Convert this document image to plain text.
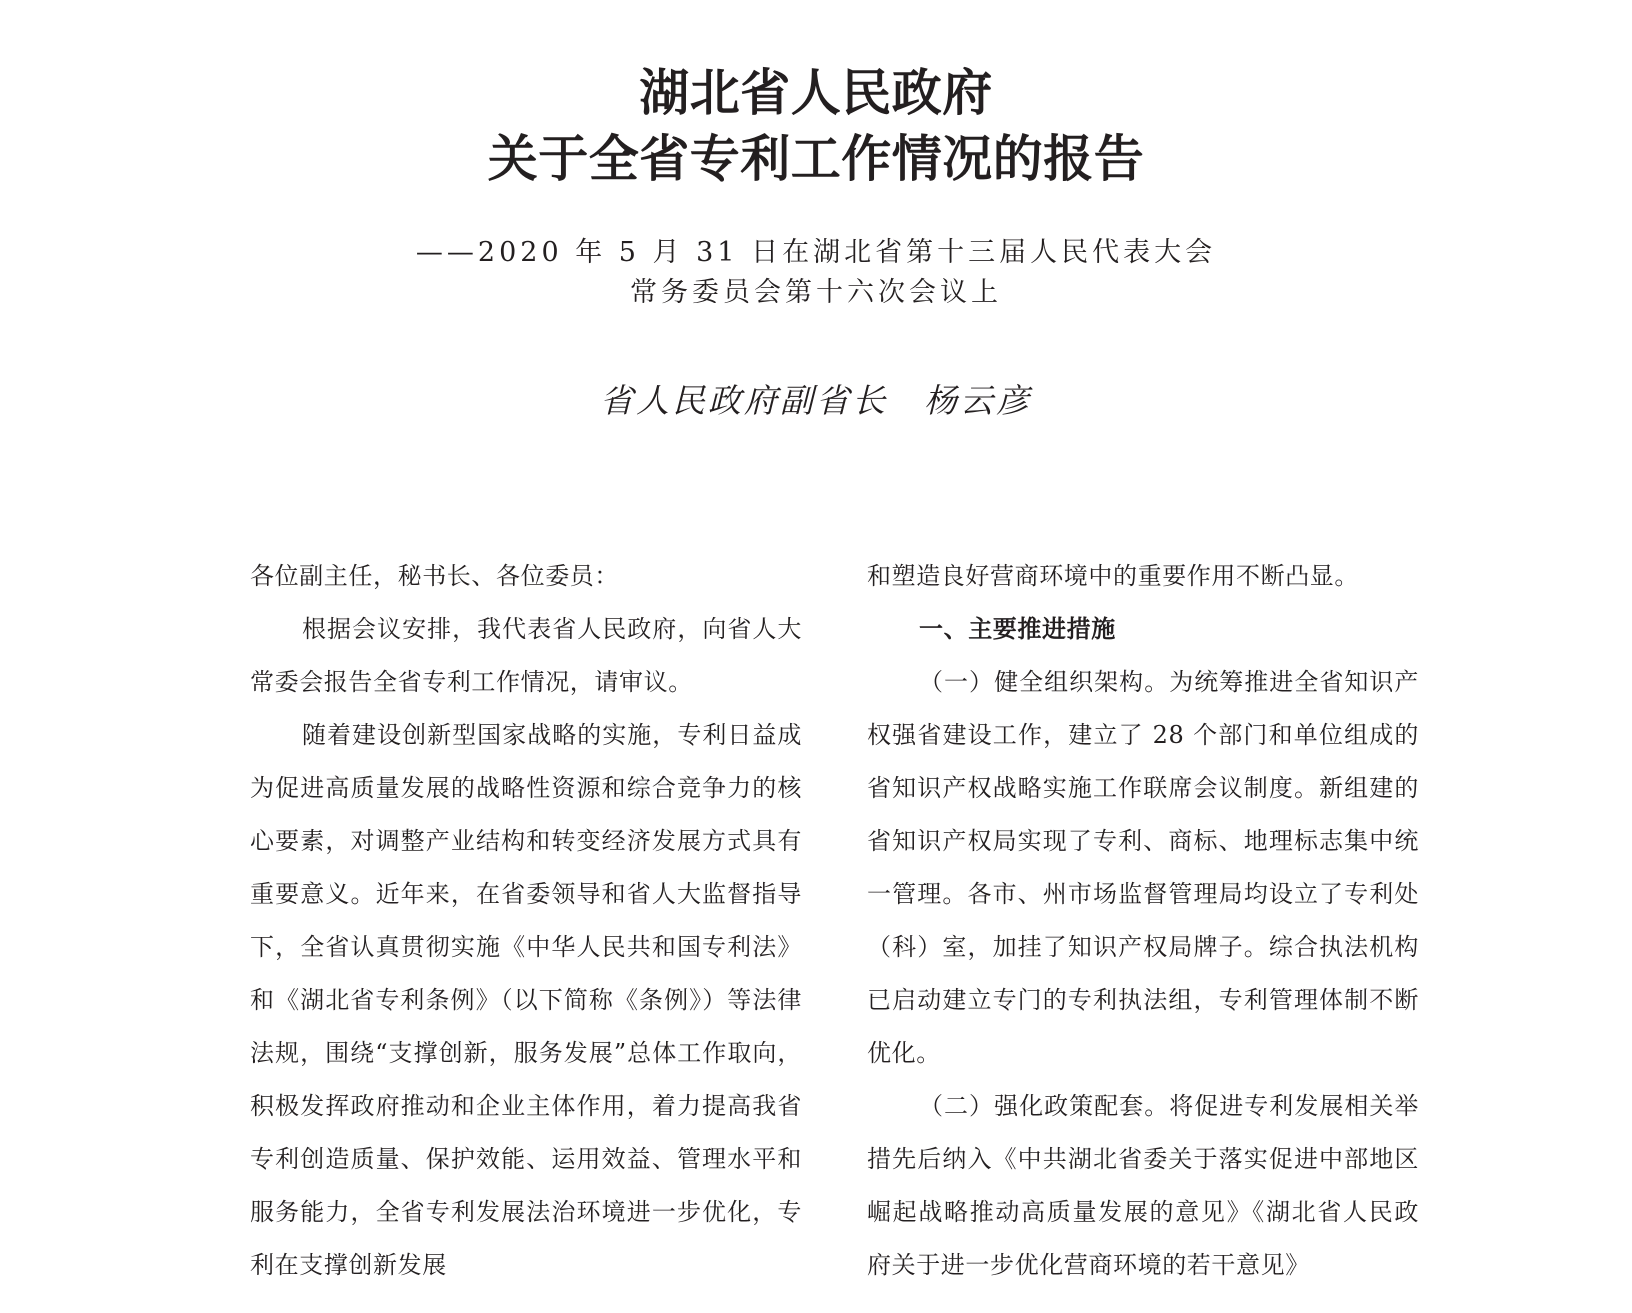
湖北省人民政府
关于全省专利工作情况的报告

——2020 年 5 月 31 日在湖北省第十三届人民代表大会

常务委员会第十六次会议上

省人民政府副省长 杨云彦

各位副主任，秘书长、各位委员：

根据会议安排，我代表省人民政府，向省人大常委会报告全省专利工作情况，请审议。

随着建设创新型国家战略的实施，专利日益成为促进高质量发展的战略性资源和综合竞争力的核心要素，对调整产业结构和转变经济发展方式具有重要意义。近年来，在省委领导和省人大监督指导下，全省认真贯彻实施《中华人民共和国专利法》和《湖北省专利条例》（以下简称《条例》）等法律法规，围绕“支撑创新，服务发展”总体工作取向，积极发挥政府推动和企业主体作用，着力提高我省专利创造质量、保护效能、运用效益、管理水平和服务能力，全省专利发展法治环境进一步优化，专利在支撑创新发展

和塑造良好营商环境中的重要作用不断凸显。

一、主要推进措施

（一）健全组织架构。为统筹推进全省知识产权强省建设工作，建立了 28 个部门和单位组成的省知识产权战略实施工作联席会议制度。新组建的省知识产权局实现了专利、商标、地理标志集中统一管理。各市、州市场监督管理局均设立了专利处（科）室，加挂了知识产权局牌子。综合执法机构已启动建立专门的专利执法组，专利管理体制不断优化。

（二）强化政策配套。将促进专利发展相关举措先后纳入《中共湖北省委关于落实促进中部地区崛起战略推动高质量发展的意见》《湖北省人民政府关于进一步优化营商环境的若干意见》
